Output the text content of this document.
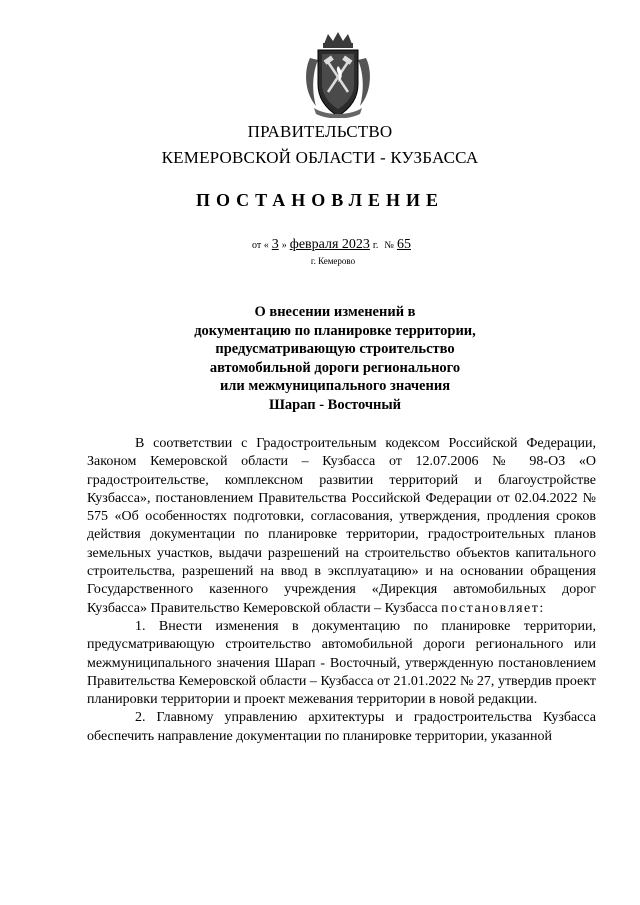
ПРАВИТЕЛЬСТВО
КЕМЕРОВСКОЙ ОБЛАСТИ - КУЗБАССА
ПОСТАНОВЛЕНИЕ
от « 3 » февраля 2023 г. № 65
г. Кемерово
О внесении изменений в
документацию по планировке территории,
предусматривающую строительство
автомобильной дороги регионального
или межмуниципального значения
Шарап - Восточный

В соответствии с Градостроительным кодексом Российской Федерации, Законом Кемеровской области – Кузбасса от 12.07.2006 № 98-ОЗ «О градостроительстве, комплексном развитии территорий и благоустройстве Кузбасса», постановлением Правительства Российской Федерации от 02.04.2022 № 575 «Об особенностях подготовки, согласования, утверждения, продления сроков действия документации по планировке территории, градостроительных планов земельных участков, выдачи разрешений на строительство объектов капитального строительства, разрешений на ввод в эксплуатацию» и на основании обращения Государственного казенного учреждения «Дирекция автомобильных дорог Кузбасса» Правительство Кемеровской области – Кузбасса постановляет:

1. Внести изменения в документацию по планировке территории, предусматривающую строительство автомобильной дороги регионального или межмуниципального значения Шарап - Восточный, утвержденную постановлением Правительства Кемеровской области – Кузбасса от 21.01.2022 № 27, утвердив проект планировки территории и проект межевания территории в новой редакции.

2. Главному управлению архитектуры и градостроительства Кузбасса обеспечить направление документации по планировке территории, указанной
